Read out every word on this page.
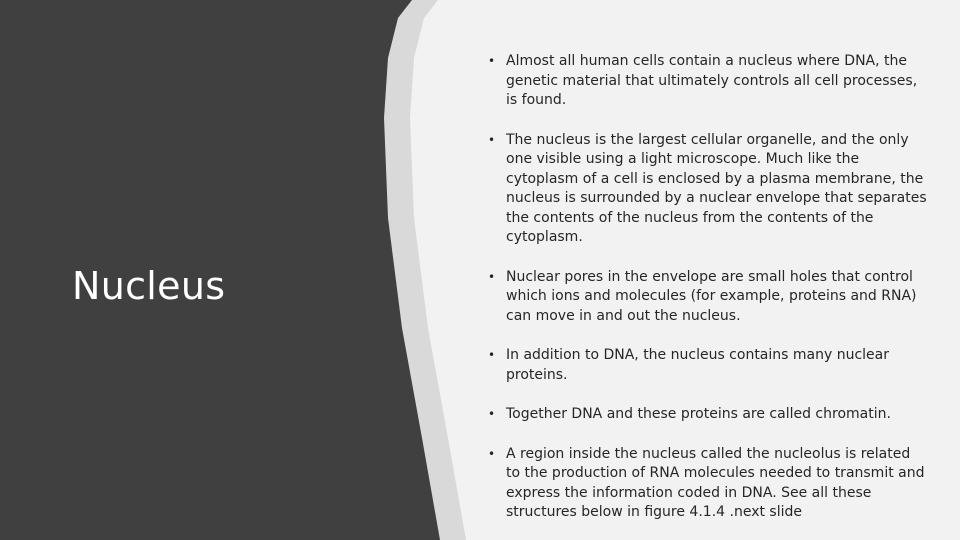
Nucleus
• Almost all human cells contain a nucleus where DNA, the genetic material that ultimately controls all cell processes, is found.
• The nucleus is the largest cellular organelle, and the only one visible using a light microscope. Much like the cytoplasm of a cell is enclosed by a plasma membrane, the nucleus is surrounded by a nuclear envelope that separates the contents of the nucleus from the contents of the cytoplasm.
• Nuclear pores in the envelope are small holes that control which ions and molecules (for example, proteins and RNA) can move in and out the nucleus.
• In addition to DNA, the nucleus contains many nuclear proteins.
• Together DNA and these proteins are called chromatin.
• A region inside the nucleus called the nucleolus is related to the production of RNA molecules needed to transmit and express the information coded in DNA. See all these structures below in figure 4.1.4 .next slide
